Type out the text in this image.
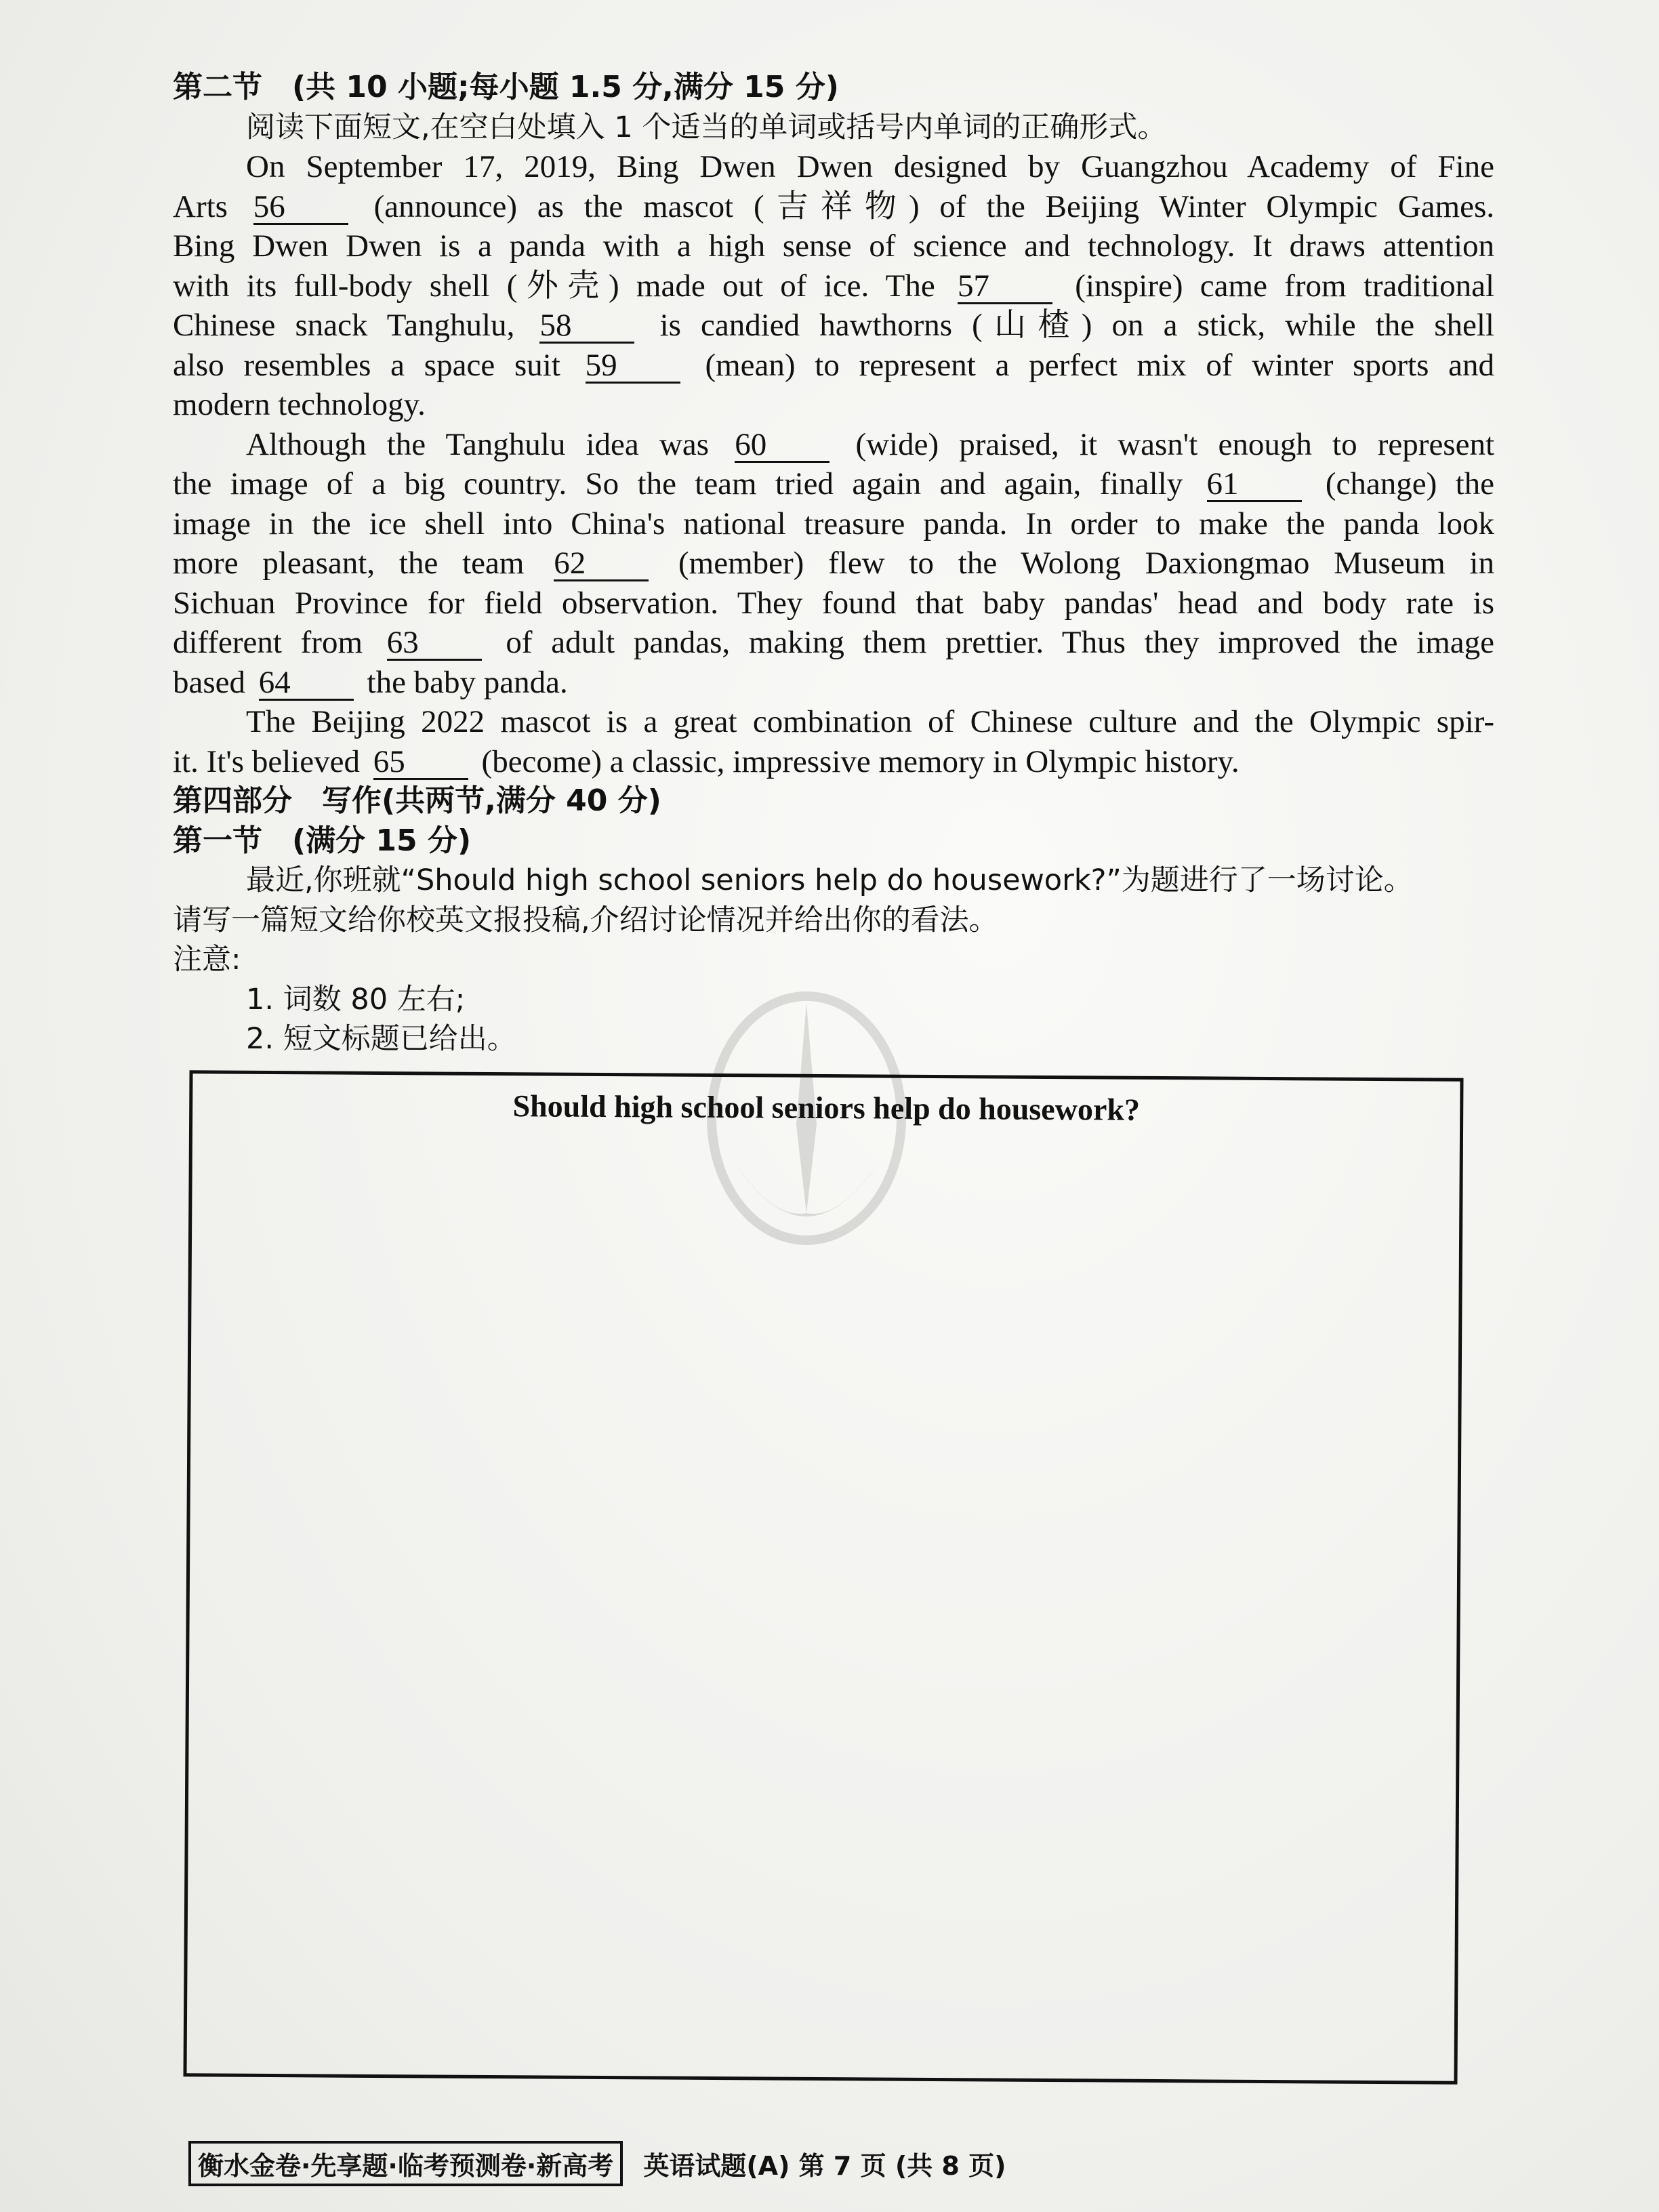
第二节　(共 10 小题;每小题 1.5 分,满分 15 分)
阅读下面短文,在空白处填入 1 个适当的单词或括号内单词的正确形式。
On September 17, 2019, Bing Dwen Dwen designed by Guangzhou Academy of Fine
Arts 56	(announce) as the mascot (吉祥物) of the Beijing Winter Olympic Games.
Bing Dwen Dwen is a panda with a high sense of science and technology. It draws attention
with its full-body shell (外壳) made out of ice. The 57	(inspire) came from traditional
Chinese snack Tanghulu, 58	is candied hawthorns (山楂) on a stick, while the shell
also resembles a space suit 59	(mean) to represent a perfect mix of winter sports and
modern technology.
Although the Tanghulu idea was 60	(wide) praised, it wasn't enough to represent
the image of a big country. So the team tried again and again, finally 61	(change) the
image in the ice shell into China's national treasure panda. In order to make the panda look
more pleasant, the team 62	(member) flew to the Wolong Daxiongmao Museum in
Sichuan Province for field observation. They found that baby pandas' head and body rate is
different from 63	of adult pandas, making them prettier. Thus they improved the image
based 64 the baby panda.
The Beijing 2022 mascot is a great combination of Chinese culture and the Olympic spir-
it. It's believed 65 (become) a classic, impressive memory in Olympic history.
第四部分　写作(共两节,满分 40 分)
第一节　(满分 15 分)
最近,你班就“Should high school seniors help do housework?”为题进行了一场讨论。
请写一篇短文给你校英文报投稿,介绍讨论情况并给出你的看法。
注意:
1. 词数 80 左右;
2. 短文标题已给出。
Should high school seniors help do housework?
衡水金卷·先享题·临考预测卷·新高考	英语试题(A) 第 7 页 (共 8 页)
